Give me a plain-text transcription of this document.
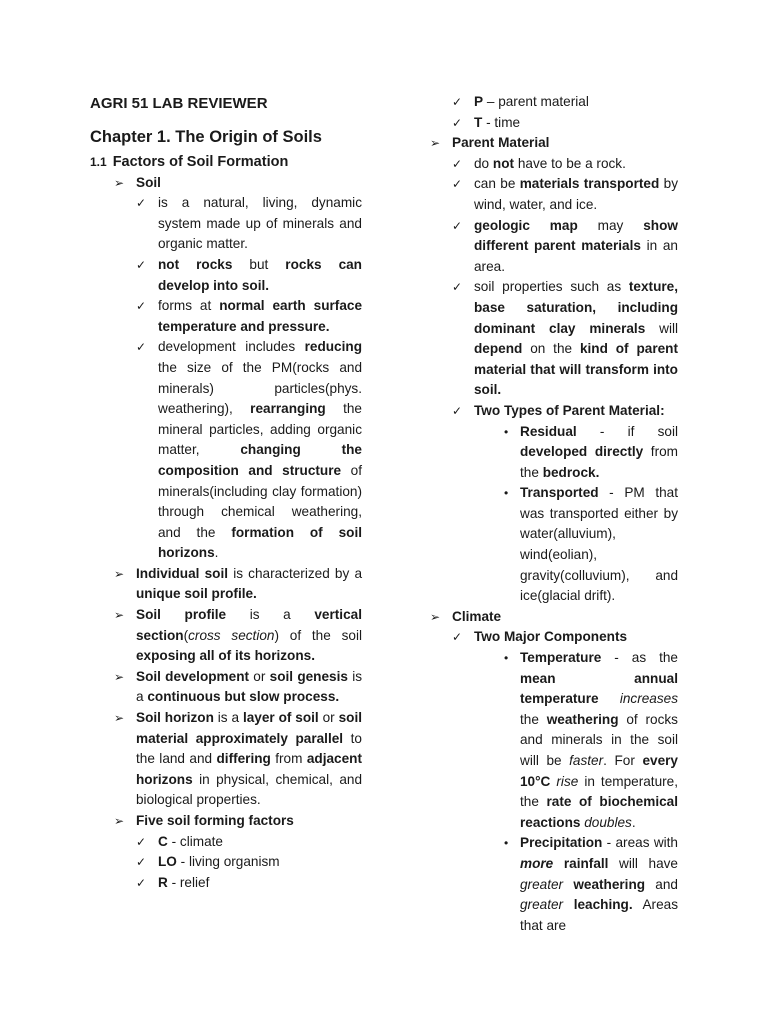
AGRI 51 LAB REVIEWER
Chapter 1. The Origin of Soils
1.1 Factors of Soil Formation
➢ Soil
✓ is a natural, living, dynamic system made up of minerals and organic matter.
✓ not rocks but rocks can develop into soil.
✓ forms at normal earth surface temperature and pressure.
✓ development includes reducing the size of the PM(rocks and minerals) particles(phys. weathering), rearranging the mineral particles, adding organic matter, changing the composition and structure of minerals(including clay formation) through chemical weathering, and the formation of soil horizons.
➢ Individual soil is characterized by a unique soil profile.
➢ Soil profile is a vertical section(cross section) of the soil exposing all of its horizons.
➢ Soil development or soil genesis is a continuous but slow process.
➢ Soil horizon is a layer of soil or soil material approximately parallel to the land and differing from adjacent horizons in physical, chemical, and biological properties.
➢ Five soil forming factors
✓ C - climate
✓ LO - living organism
✓ R - relief
✓ P – parent material
✓ T - time
➢ Parent Material
✓ do not have to be a rock.
✓ can be materials transported by wind, water, and ice.
✓ geologic map may show different parent materials in an area.
✓ soil properties such as texture, base saturation, including dominant clay minerals will depend on the kind of parent material that will transform into soil.
✓ Two Types of Parent Material:
• Residual - if soil developed directly from the bedrock.
• Transported - PM that was transported either by water(alluvium), wind(eolian), gravity(colluvium), and ice(glacial drift).
➢ Climate
✓ Two Major Components
• Temperature - as the mean annual temperature increases the weathering of rocks and minerals in the soil will be faster. For every 10°C rise in temperature, the rate of biochemical reactions doubles.
• Precipitation - areas with more rainfall will have greater weathering and greater leaching. Areas that are
